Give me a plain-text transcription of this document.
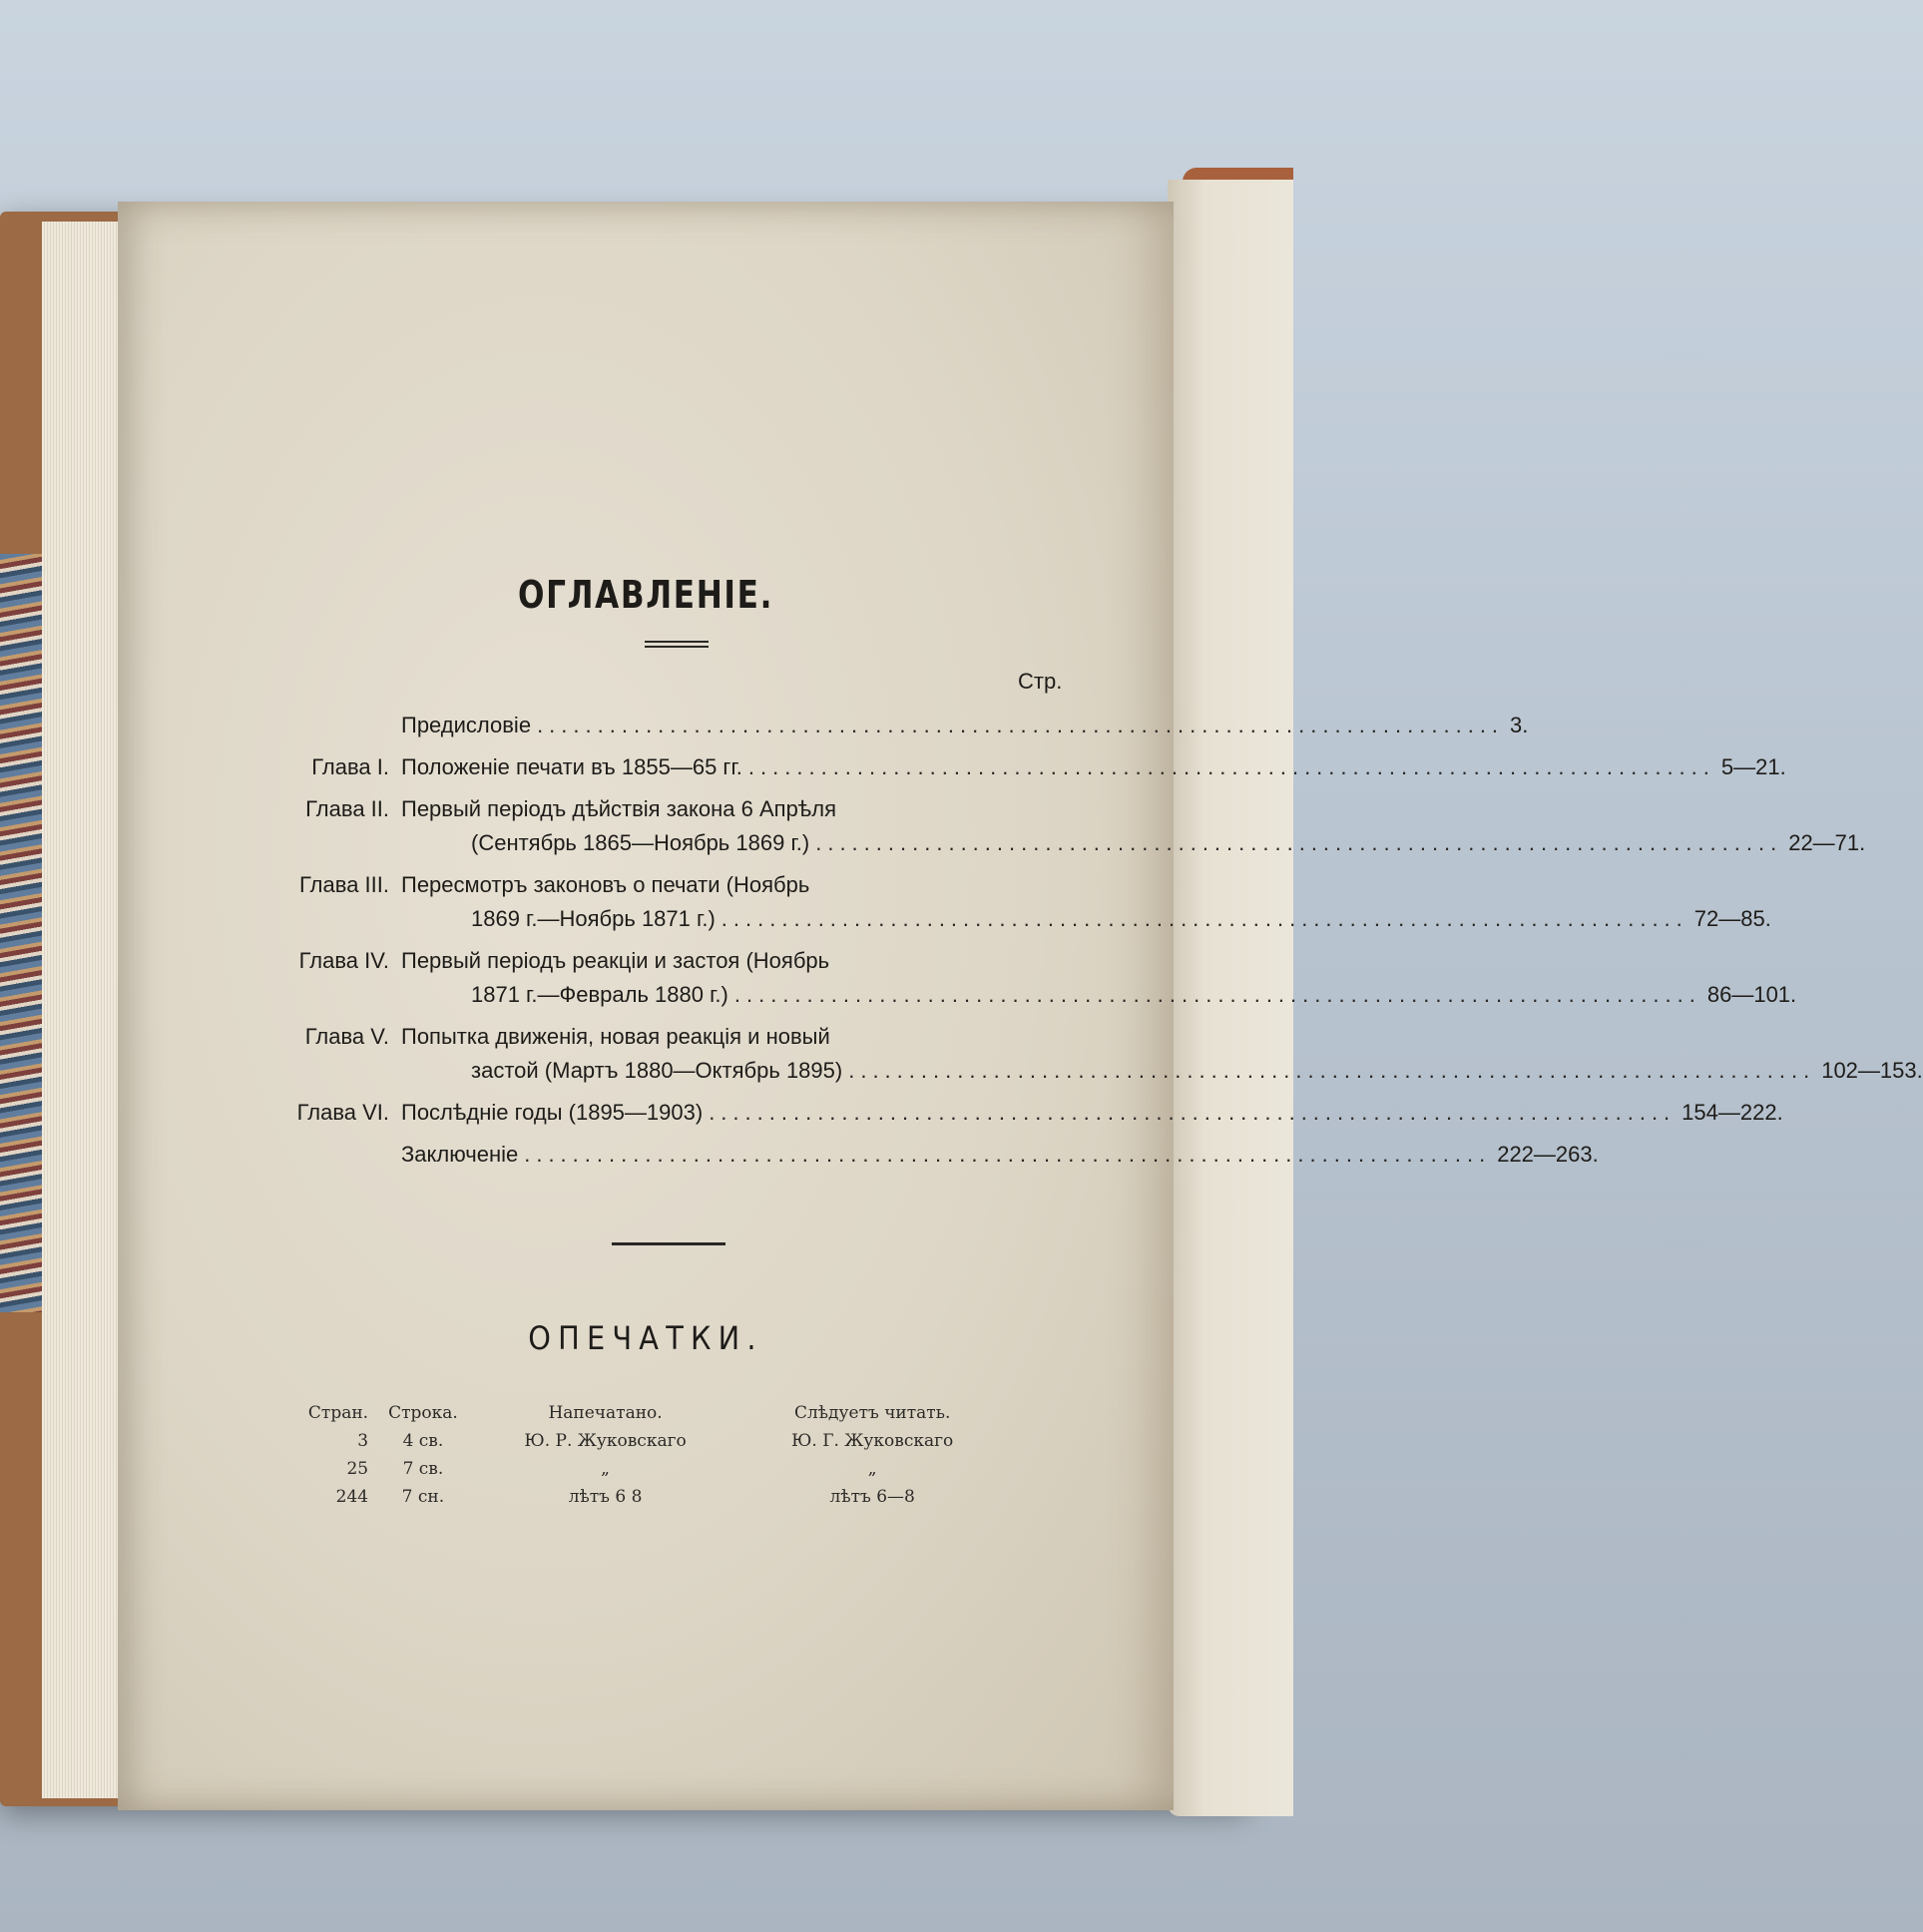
ОГЛАВЛЕНІЕ.
Стр.
Предисловіе ................................................................................ 3.
Глава I. Положеніе печати въ 1855—65 гг. ................................................................................ 5—21.
Глава II. Первый періодъ дѣйствія закона 6 Апрѣля
(Сентябрь 1865—Ноябрь 1869 г.) ................................................................................ 22—71.
Глава III. Пересмотръ законовъ о печати (Ноябрь
1869 г.—Ноябрь 1871 г.) ................................................................................ 72—85.
Глава IV. Первый періодъ реакціи и застоя (Ноябрь
1871 г.—Февраль 1880 г.) ................................................................................ 86—101.
Глава V. Попытка движенія, новая реакція и новый
застой (Мартъ 1880—Октябрь 1895) ................................................................................ 102—153.
Глава VI. Послѣдніе годы (1895—1903) ................................................................................ 154—222.
Заключеніе ................................................................................ 222—263.
ОПЕЧАТКИ.
Стран.	Строка.	Напечатано.	Слѣдуетъ читать.
3	4 св.	Ю. Р. Жуковскаго	Ю. Г. Жуковскаго
25	7 св.	„	„
244	7 сн.	лѣтъ 6 8	лѣтъ 6—8
